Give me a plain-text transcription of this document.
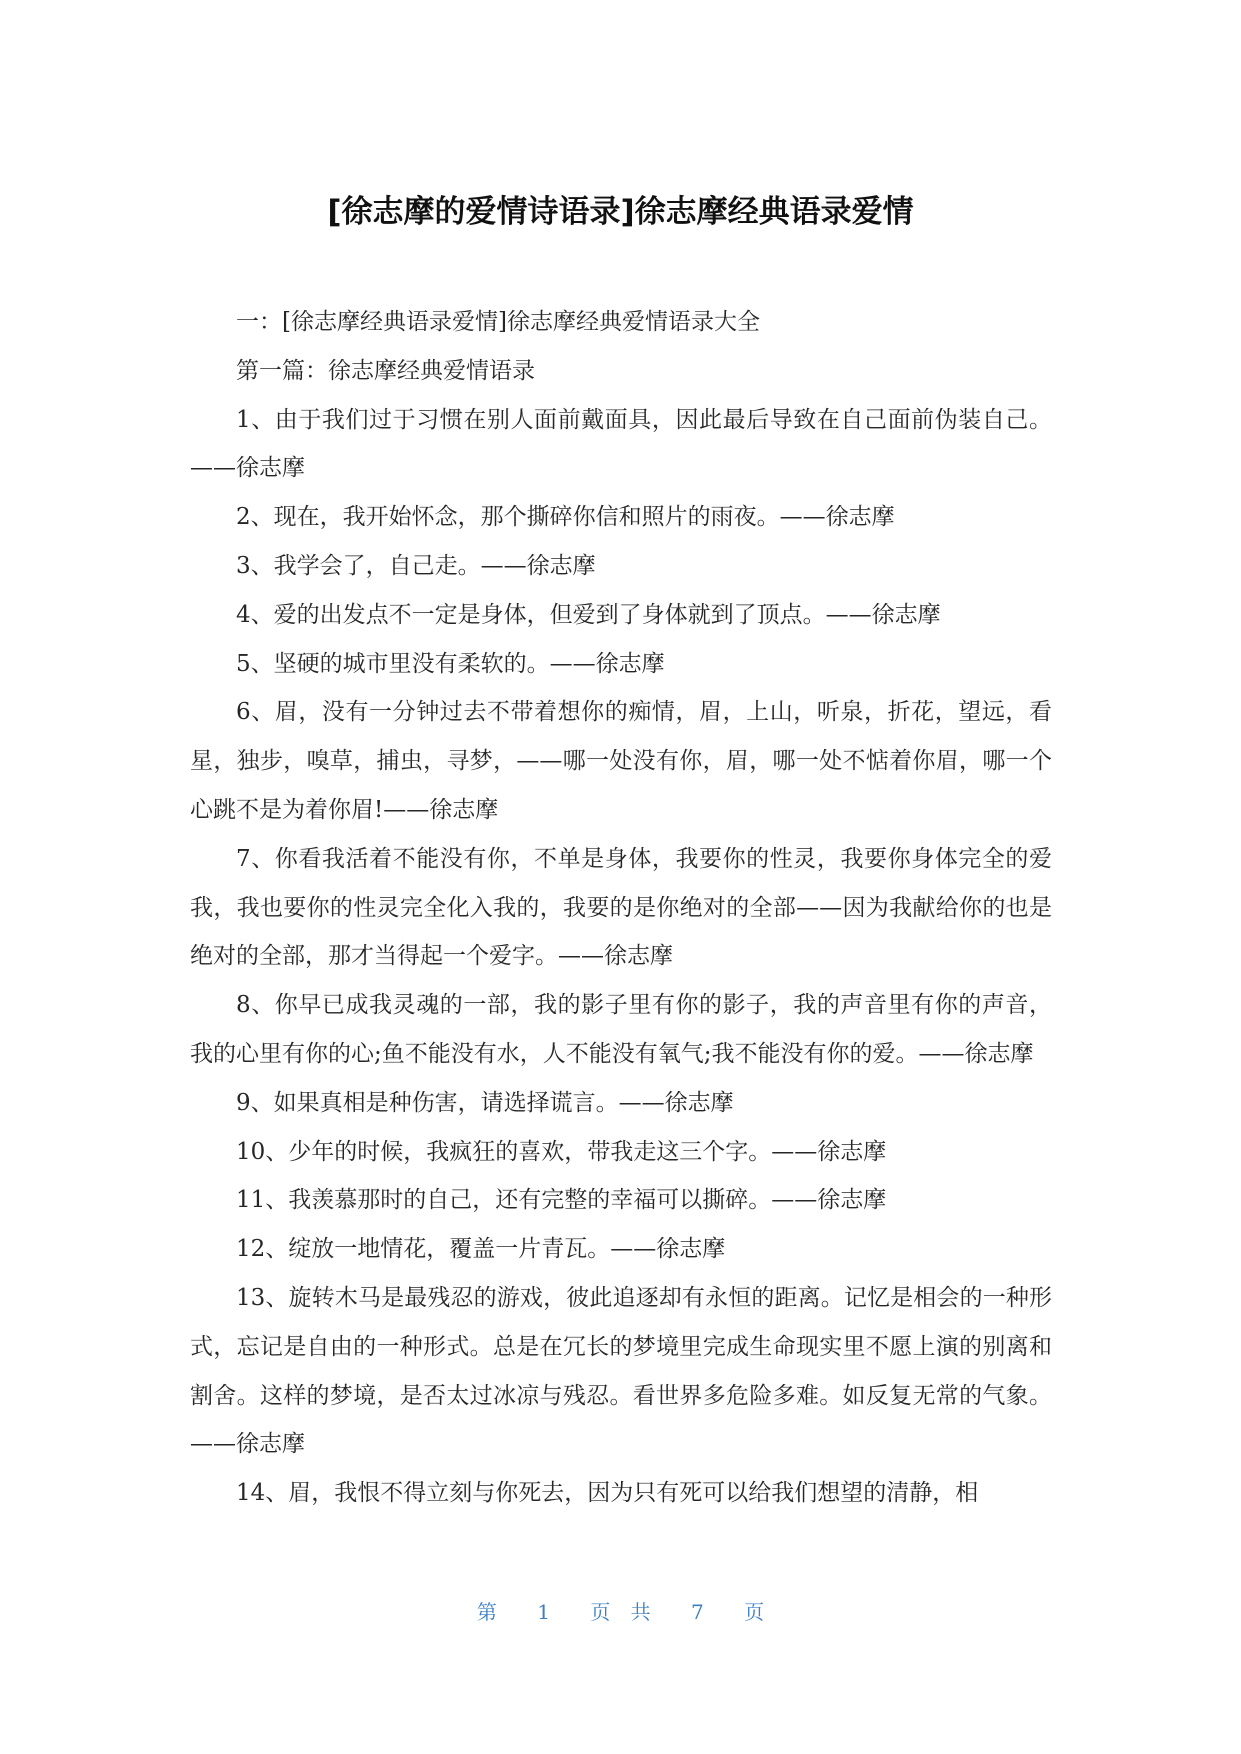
[徐志摩的爱情诗语录]徐志摩经典语录爱情

一：[徐志摩经典语录爱情]徐志摩经典爱情语录大全

第一篇：徐志摩经典爱情语录

1、由于我们过于习惯在别人面前戴面具，因此最后导致在自己面前伪装自己。——徐志摩

2、现在，我开始怀念，那个撕碎你信和照片的雨夜。——徐志摩

3、我学会了，自己走。——徐志摩

4、爱的出发点不一定是身体，但爱到了身体就到了顶点。——徐志摩

5、坚硬的城市里没有柔软的。——徐志摩

6、眉，没有一分钟过去不带着想你的痴情，眉，上山，听泉，折花，望远，看星，独步，嗅草，捕虫，寻梦，——哪一处没有你，眉，哪一处不惦着你眉，哪一个心跳不是为着你眉!——徐志摩

7、你看我活着不能没有你，不单是身体，我要你的性灵，我要你身体完全的爱我，我也要你的性灵完全化入我的，我要的是你绝对的全部——因为我献给你的也是绝对的全部，那才当得起一个爱字。——徐志摩

8、你早已成我灵魂的一部，我的影子里有你的影子，我的声音里有你的声音，我的心里有你的心;鱼不能没有水，人不能没有氧气;我不能没有你的爱。——徐志摩

9、如果真相是种伤害，请选择谎言。——徐志摩

10、少年的时候，我疯狂的喜欢，带我走这三个字。——徐志摩

11、我羡慕那时的自己，还有完整的幸福可以撕碎。——徐志摩

12、绽放一地情花，覆盖一片青瓦。——徐志摩

13、旋转木马是最残忍的游戏，彼此追逐却有永恒的距离。记忆是相会的一种形式，忘记是自由的一种形式。总是在冗长的梦境里完成生命现实里不愿上演的别离和割舍。这样的梦境，是否太过冰凉与残忍。看世界多危险多难。如反复无常的气象。——徐志摩

14、眉，我恨不得立刻与你死去，因为只有死可以给我们想望的清静，相

第 1 页 共 7 页
